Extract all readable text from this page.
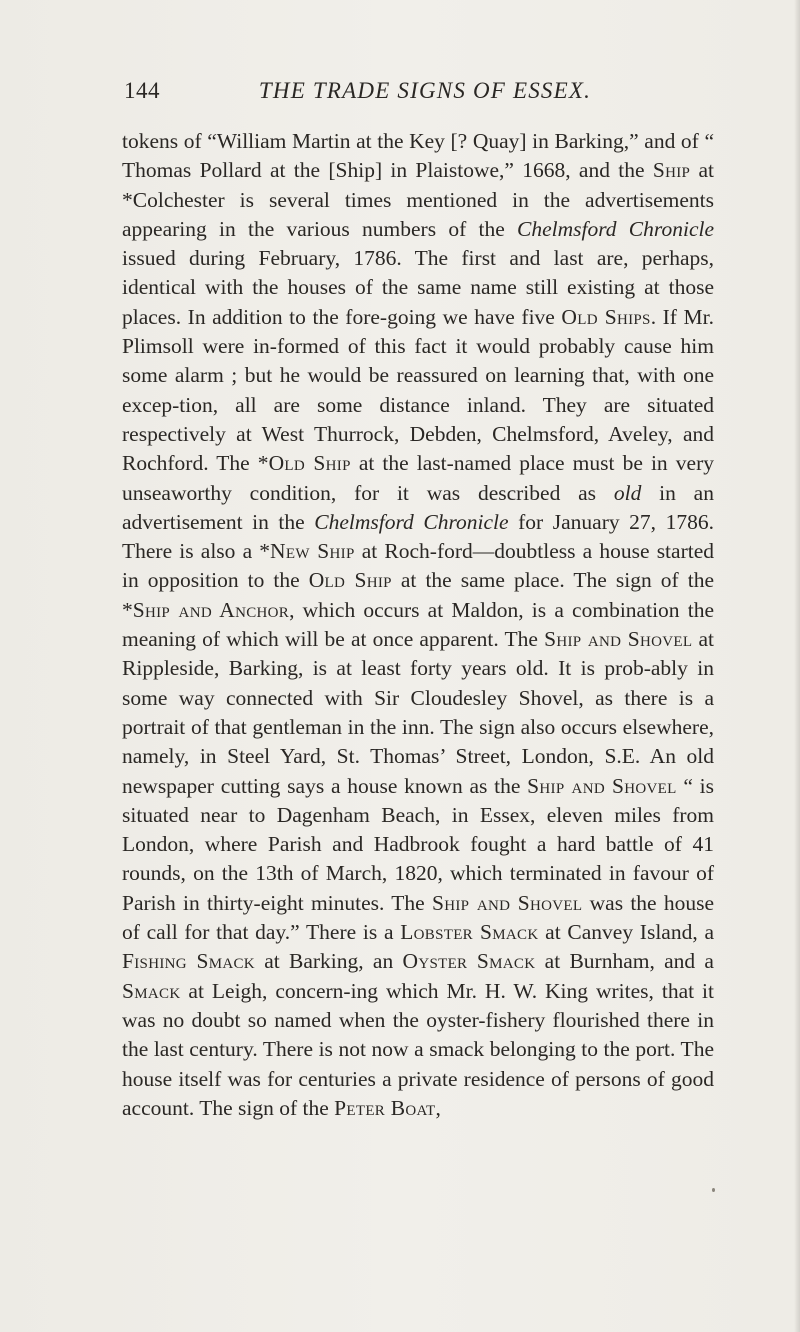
144	THE TRADE SIGNS OF ESSEX.

tokens of “William Martin at the Key [? Quay] in Barking,” and of “ Thomas Pollard at the [Ship] in Plaistowe,” 1668, and the Ship at *Colchester is several times mentioned in the advertisements appearing in the various numbers of the Chelmsford Chronicle issued during February, 1786. The first and last are, perhaps, identical with the houses of the same name still existing at those places. In addition to the fore-going we have five Old Ships. If Mr. Plimsoll were in-formed of this fact it would probably cause him some alarm ; but he would be reassured on learning that, with one excep-tion, all are some distance inland. They are situated respectively at West Thurrock, Debden, Chelmsford, Aveley, and Rochford. The *Old Ship at the last-named place must be in very unseaworthy condition, for it was described as old in an advertisement in the Chelmsford Chronicle for January 27, 1786. There is also a *New Ship at Roch-ford—doubtless a house started in opposition to the Old Ship at the same place. The sign of the *Ship and Anchor, which occurs at Maldon, is a combination the meaning of which will be at once apparent. The Ship and Shovel at Rippleside, Barking, is at least forty years old. It is prob-ably in some way connected with Sir Cloudesley Shovel, as there is a portrait of that gentleman in the inn. The sign also occurs elsewhere, namely, in Steel Yard, St. Thomas’ Street, London, S.E. An old newspaper cutting says a house known as the Ship and Shovel “ is situated near to Dagenham Beach, in Essex, eleven miles from London, where Parish and Hadbrook fought a hard battle of 41 rounds, on the 13th of March, 1820, which terminated in favour of Parish in thirty-eight minutes. The Ship and Shovel was the house of call for that day.” There is a Lobster Smack at Canvey Island, a Fishing Smack at Barking, an Oyster Smack at Burnham, and a Smack at Leigh, concern-ing which Mr. H. W. King writes, that it was no doubt so named when the oyster-fishery flourished there in the last century. There is not now a smack belonging to the port. The house itself was for centuries a private residence of persons of good account. The sign of the Peter Boat,
